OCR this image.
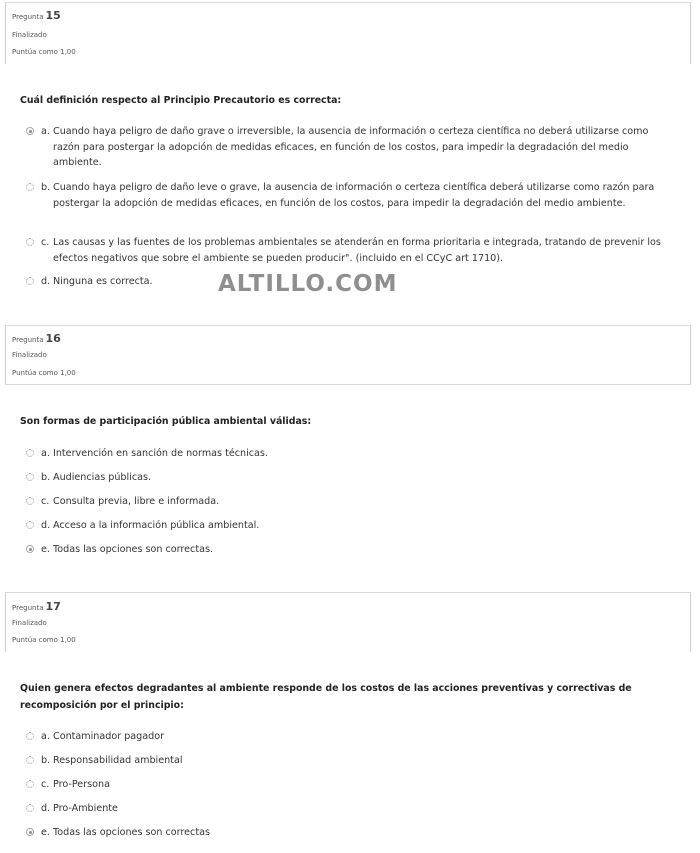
Pregunta 15
Finalizado
Puntúa como 1,00
Cuál definición respecto al Principio Precautorio es correcta:
a. Cuando haya peligro de daño grave o irreversible, la ausencia de información o certeza científica no deberá utilizarse como razón para postergar la adopción de medidas eficaces, en función de los costos, para impedir la degradación del medio ambiente.
b. Cuando haya peligro de daño leve o grave, la ausencia de información o certeza científica deberá utilizarse como razón para postergar la adopción de medidas eficaces, en función de los costos, para impedir la degradación del medio ambiente.
c. Las causas y las fuentes de los problemas ambientales se atenderán en forma prioritaria e integrada, tratando de prevenir los efectos negativos que sobre el ambiente se pueden producir". (incluido en el CCyC art 1710).
d. Ninguna es correcta.	ALTILLO.COM
Pregunta 16
Finalizado
Puntúa como 1,00
Son formas de participación pública ambiental válidas:
a. Intervención en sanción de normas técnicas.
b. Audiencias públicas.
c. Consulta previa, libre e informada.
d. Acceso a la información pública ambiental.
e. Todas las opciones son correctas.
Pregunta 17
Finalizado
Puntúa como 1,00
Quien genera efectos degradantes al ambiente responde de los costos de las acciones preventivas y correctivas de recomposición por el principio:
a. Contaminador pagador
b. Responsabilidad ambiental
c. Pro-Persona
d. Pro-Ambiente
e. Todas las opciones son correctas
